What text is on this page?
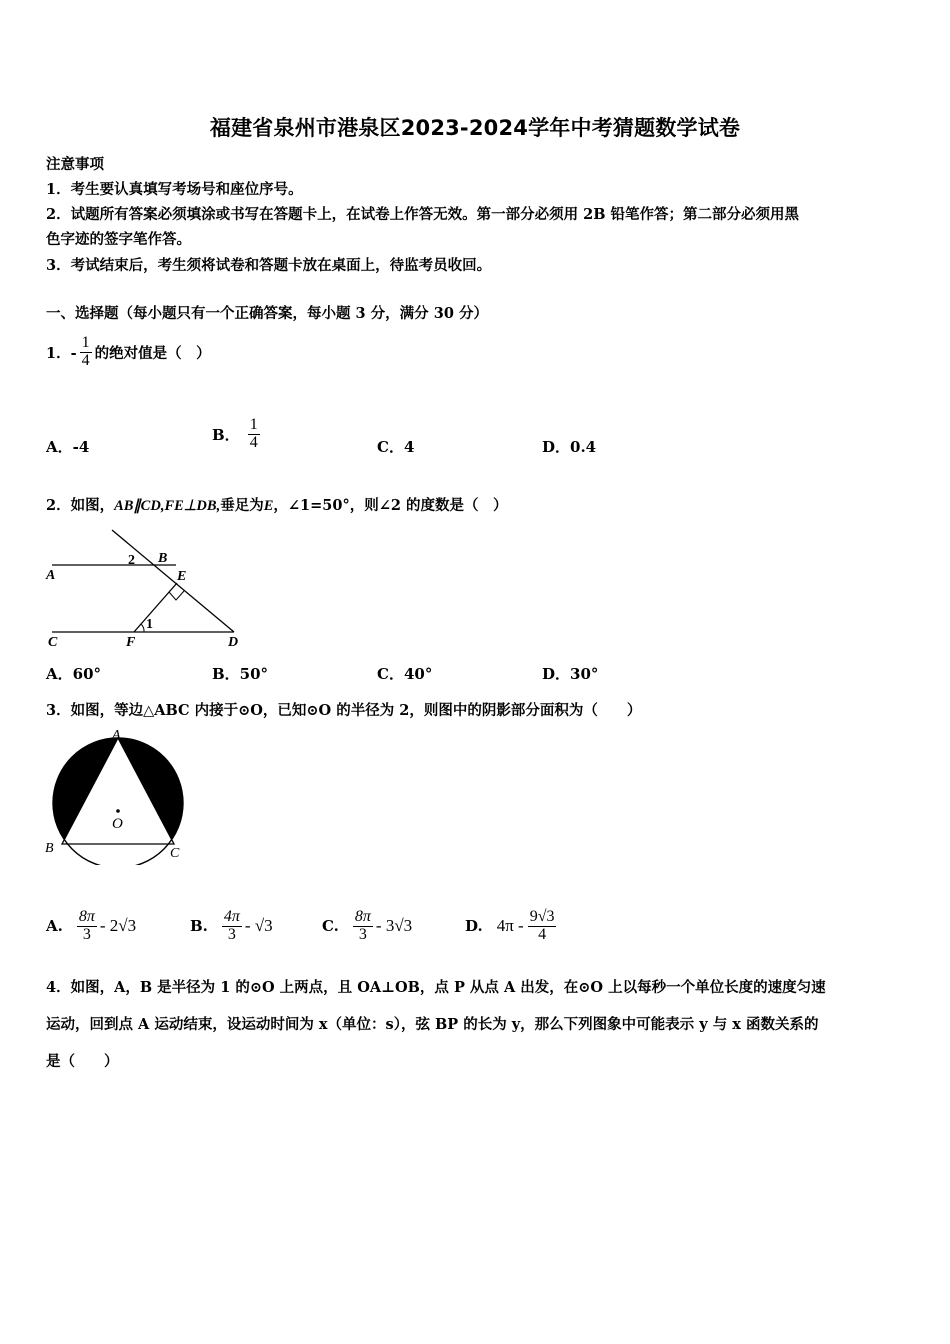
福建省泉州市港泉区2023-2024学年中考猜题数学试卷
注意事项
1．考生要认真填写考场号和座位序号。
2．试题所有答案必须填涂或书写在答题卡上，在试卷上作答无效。第一部分必须用 2B 铅笔作答；第二部分必须用黑
色字迹的签字笔作答。
3．考试结束后，考生须将试卷和答题卡放在桌面上，待监考员收回。
一、选择题（每小题只有一个正确答案，每小题 3 分，满分 30 分）
1．- $\frac{1}{4}$ 的绝对值是（　）
A．-4
B． $\frac{1}{4}$	C．4	D．0.4
2．如图，AB∥CD,FE⊥DB,垂足为E，∠1=50°，则∠2 的度数是（　）
A
B
2
E
1
C	F	D
A．60°	B．50°	C．40°	D．30°
3．如图，等边△ABC 内接于⊙O，已知⊙O 的半径为 2，则图中的阴影部分面积为（　　）
A
O
B	C
A. $\frac{8\pi}{3} - 2√3$	B. $\frac{4\pi}{3} - √3$	C. $\frac{8\pi}{3} - 3√3$	D. $4\pi - \frac{9√3}{4}$
4．如图，A，B 是半径为 1 的⊙O 上两点，且 OA⊥OB，点 P 从点 A 出发，在⊙O 上以每秒一个单位长度的速度匀速
运动，回到点 A 运动结束，设运动时间为 x（单位：s），弦 BP 的长为 y，那么下列图象中可能表示 y 与 x 函数关系的
是（　　）
